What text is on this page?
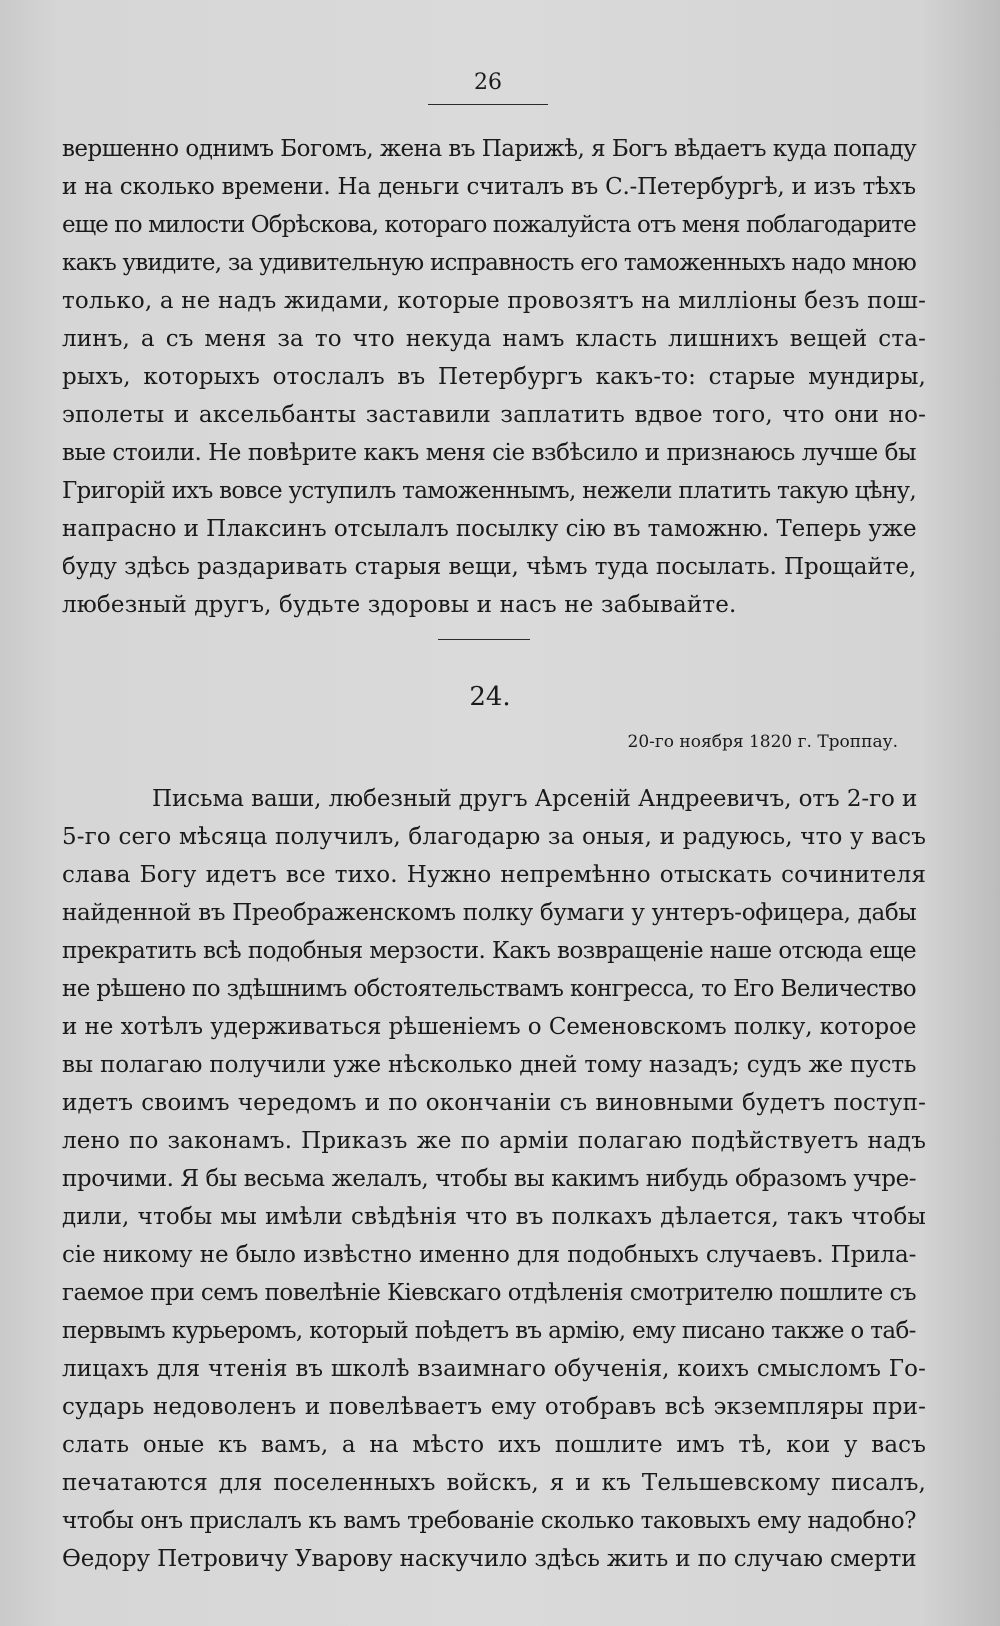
26
вершенно однимъ Богомъ, жена въ Парижѣ, я Богъ вѣдаетъ куда попаду
и на сколько времени. На деньги считалъ въ С.-Петербургѣ, и изъ тѣхъ
еще по милости Обрѣскова, котораго пожалуйста отъ меня поблагодарите
какъ увидите, за удивительную исправность его таможенныхъ надо мною
только, а не надъ жидами, которые провозятъ на милліоны безъ пош-
линъ, а съ меня за то что некуда намъ класть лишнихъ вещей ста-
рыхъ, которыхъ отослалъ въ Петербургъ какъ-то: старые мундиры,
эполеты и аксельбанты заставили заплатить вдвое того, что они но-
вые стоили. Не повѣрите какъ меня сіе взбѣсило и признаюсь лучше бы
Григорій ихъ вовсе уступилъ таможеннымъ, нежели платить такую цѣну,
напрасно и Плаксинъ отсылалъ посылку сію въ таможню. Теперь уже
буду здѣсь раздаривать старыя вещи, чѣмъ туда посылать. Прощайте,
любезный другъ, будьте здоровы и насъ не забывайте.
24.
20-го ноября 1820 г. Троппау.
Письма ваши, любезный другъ Арсеній Андреевичъ, отъ 2-го и
5-го сего мѣсяца получилъ, благодарю за оныя, и радуюсь, что у васъ
слава Богу идетъ все тихо. Нужно непремѣнно отыскать сочинителя
найденной въ Преображенскомъ полку бумаги у унтеръ-офицера, дабы
прекратить всѣ подобныя мерзости. Какъ возвращеніе наше отсюда еще
не рѣшено по здѣшнимъ обстоятельствамъ конгресса, то Его Величество
и не хотѣлъ удерживаться рѣшеніемъ о Семеновскомъ полку, которое
вы полагаю получили уже нѣсколько дней тому назадъ; судъ же пусть
идетъ своимъ чередомъ и по окончаніи съ виновными будетъ поступ-
лено по законамъ. Приказъ же по арміи полагаю подѣйствуетъ надъ
прочими. Я бы весьма желалъ, чтобы вы какимъ нибудь образомъ учре-
дили, чтобы мы имѣли свѣдѣнія что въ полкахъ дѣлается, такъ чтобы
сіе никому не было извѣстно именно для подобныхъ случаевъ. Прила-
гаемое при семъ повелѣніе Кіевскаго отдѣленія смотрителю пошлите съ
первымъ курьеромъ, который поѣдетъ въ армію, ему писано также о таб-
лицахъ для чтенія въ школѣ взаимнаго обученія, коихъ смысломъ Го-
сударь недоволенъ и повелѣваетъ ему отобравъ всѣ экземпляры при-
слать оные къ вамъ, а на мѣсто ихъ пошлите имъ тѣ, кои у васъ
печатаются для поселенныхъ войскъ, я и къ Тельшевскому писалъ,
чтобы онъ прислалъ къ вамъ требованіе сколько таковыхъ ему надобно?
Ѳедору Петровичу Уварову наскучило здѣсь жить и по случаю смерти
